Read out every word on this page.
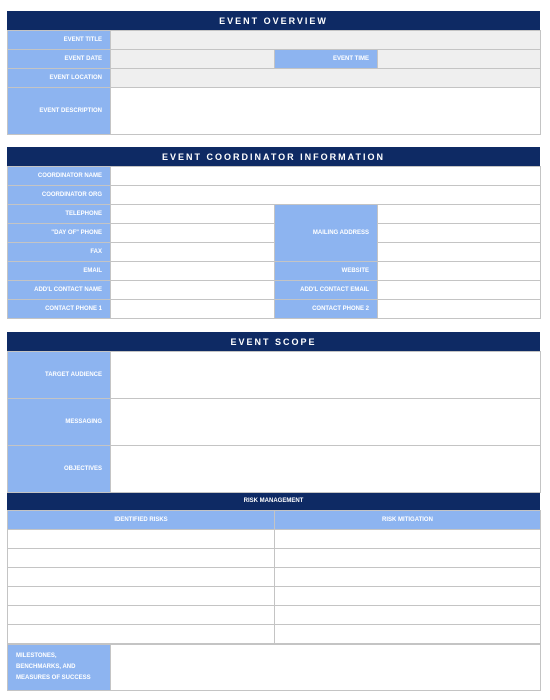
EVENT OVERVIEW
EVENT TITLE	
EVENT DATE		EVENT TIME	
EVENT LOCATION	
EVENT DESCRIPTION	
EVENT COORDINATOR INFORMATION
COORDINATOR NAME	
COORDINATOR ORG	
TELEPHONE		MAILING ADDRESS	
"DAY OF" PHONE		
FAX		
EMAIL		WEBSITE	
ADD'L CONTACT NAME		ADD'L CONTACT EMAIL	
CONTACT PHONE 1		CONTACT PHONE 2	
EVENT SCOPE
TARGET AUDIENCE	

MESSAGING	

OBJECTIVES	
RISK MANAGEMENT
IDENTIFIED RISKS	RISK MITIGATION

MILESTONES, BENCHMARKS, AND MEASURES OF SUCCESS	
